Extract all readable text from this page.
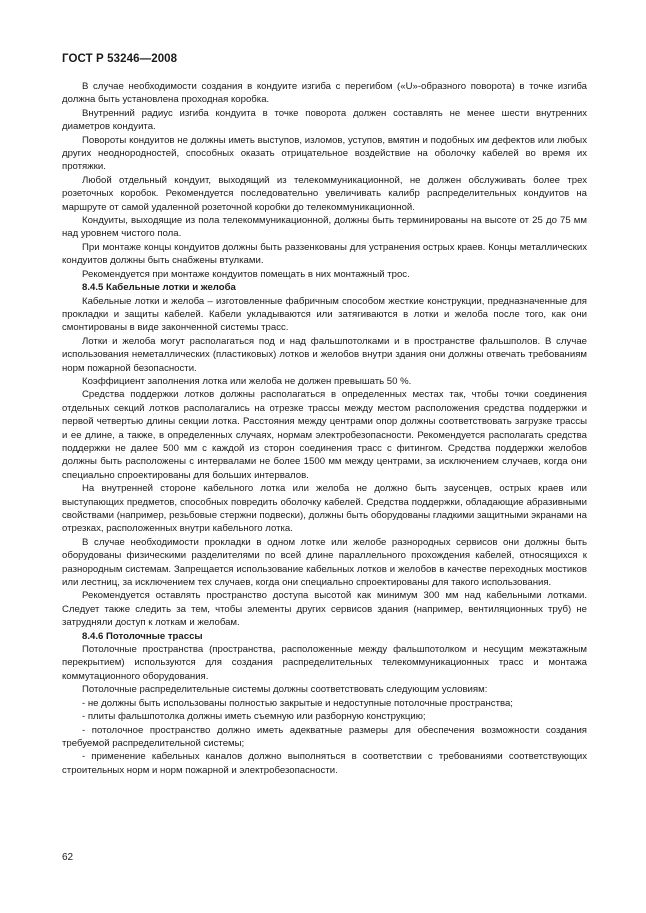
ГОСТ Р 53246—2008

В случае необходимости создания в кондуите изгиба с перегибом («U»-образного поворота) в точке изгиба должна быть установлена проходная коробка.

Внутренний радиус изгиба кондуита в точке поворота должен составлять не менее шести внутренних диаметров кондуита.

Повороты кондуитов не должны иметь выступов, изломов, уступов, вмятин и подобных им дефектов или любых других неоднородностей, способных оказать отрицательное воздействие на оболочку кабелей во время их протяжки.

Любой отдельный кондуит, выходящий из телекоммуникационной, не должен обслуживать более трех розеточных коробок. Рекомендуется последовательно увеличивать калибр распределительных кондуитов на маршруте от самой удаленной розеточной коробки до телекоммуникационной.

Кондуиты, выходящие из пола телекоммуникационной, должны быть терминированы на высоте от 25 до 75 мм над уровнем чистого пола.

При монтаже концы кондуитов должны быть раззенкованы для устранения острых краев. Концы металлических кондуитов должны быть снабжены втулками.

Рекомендуется при монтаже кондуитов помещать в них монтажный трос.

8.4.5 Кабельные лотки и желоба

Кабельные лотки и желоба – изготовленные фабричным способом жесткие конструкции, предназначенные для прокладки и защиты кабелей. Кабели укладываются или затягиваются в лотки и желоба после того, как они смонтированы в виде законченной системы трасс.

Лотки и желоба могут располагаться под и над фальшпотолками и в пространстве фальшполов. В случае использования неметаллических (пластиковых) лотков и желобов внутри здания они должны отвечать требованиям норм пожарной безопасности.

Коэффициент заполнения лотка или желоба не должен превышать 50 %.

Средства поддержки лотков должны располагаться в определенных местах так, чтобы точки соединения отдельных секций лотков располагались на отрезке трассы между местом расположения средства поддержки и первой четвертью длины секции лотка. Расстояния между центрами опор должны соответствовать загрузке трассы и ее длине, а также, в определенных случаях, нормам электробезопасности. Рекомендуется располагать средства поддержки не далее 500 мм с каждой из сторон соединения трасс с фитингом. Средства поддержки желобов должны быть расположены с интервалами не более 1500 мм между центрами, за исключением случаев, когда они специально спроектированы для больших интервалов.

На внутренней стороне кабельного лотка или желоба не должно быть заусенцев, острых краев или выступающих предметов, способных повредить оболочку кабелей. Средства поддержки, обладающие абразивными свойствами (например, резьбовые стержни подвески), должны быть оборудованы гладкими защитными экранами на отрезках, расположенных внутри кабельного лотка.

В случае необходимости прокладки в одном лотке или желобе разнородных сервисов они должны быть оборудованы физическими разделителями по всей длине параллельного прохождения кабелей, относящихся к разнородным системам. Запрещается использование кабельных лотков и желобов в качестве переходных мостиков или лестниц, за исключением тех случаев, когда они специально спроектированы для такого использования.

Рекомендуется оставлять пространство доступа высотой как минимум 300 мм над кабельными лотками. Следует также следить за тем, чтобы элементы других сервисов здания (например, вентиляционных труб) не затрудняли доступ к лоткам и желобам.

8.4.6 Потолочные трассы

Потолочные пространства (пространства, расположенные между фальшпотолком и несущим межэтажным перекрытием) используются для создания распределительных телекоммуникационных трасс и монтажа коммутационного оборудования.

Потолочные распределительные системы должны соответствовать следующим условиям:

- не должны быть использованы полностью закрытые и недоступные потолочные пространства;

- плиты фальшпотолка должны иметь съемную или разборную конструкцию;

- потолочное пространство должно иметь адекватные размеры для обеспечения возможности создания требуемой распределительной системы;

- применение кабельных каналов должно выполняться в соответствии с требованиями соответствующих строительных норм и норм пожарной и электробезопасности.

62
